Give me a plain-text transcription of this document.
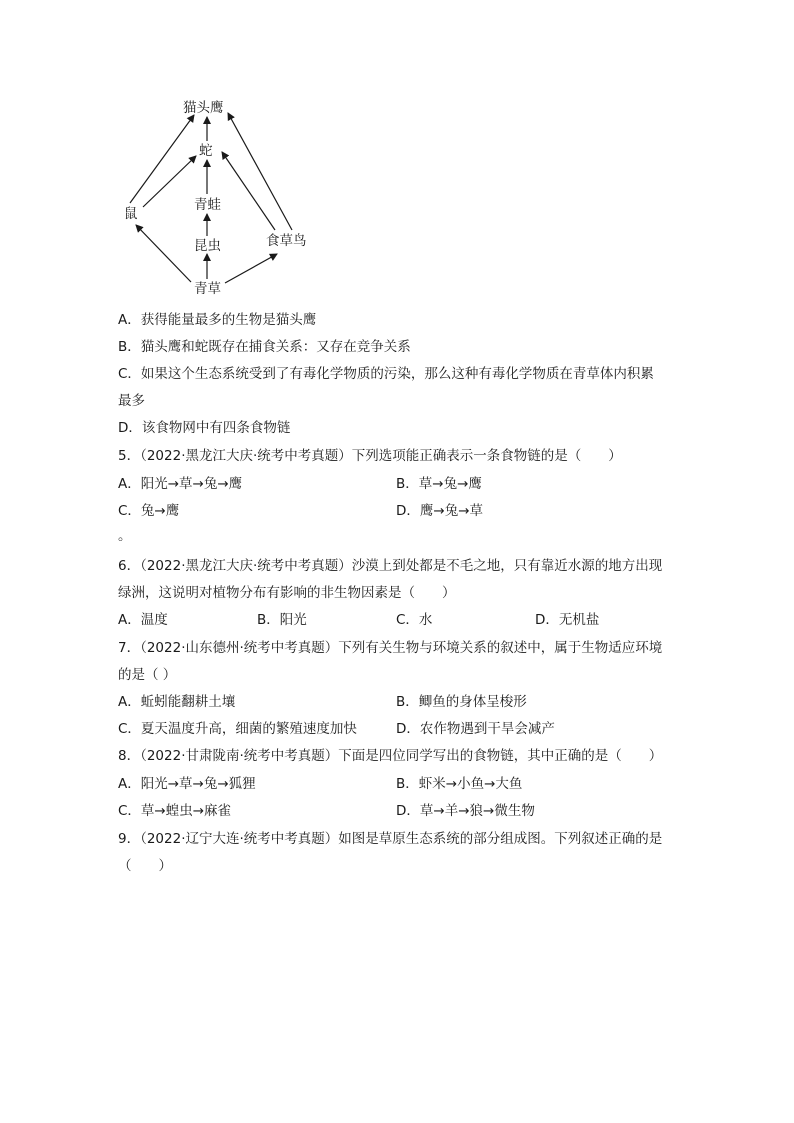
猫头鹰
蛇
青蛙
鼠
昆虫	食草鸟
青草
A．获得能量最多的生物是猫头鹰
B．猫头鹰和蛇既存在捕食关系：又存在竞争关系
C．如果这个生态系统受到了有毒化学物质的污染，那么这种有毒化学物质在青草体内积累
最多
D．该食物网中有四条食物链
5．（2022·黑龙江大庆·统考中考真题）下列选项能正确表示一条食物链的是（　　）
A．阳光→草→兔→鹰	B．草→兔→鹰
C．兔→鹰	D．鹰→兔→草
。
6．（2022·黑龙江大庆·统考中考真题）沙漠上到处都是不毛之地，只有靠近水源的地方出现
绿洲，这说明对植物分布有影响的非生物因素是（　　）
A．温度	B．阳光	C．水	D．无机盐
7．（2022·山东德州·统考中考真题）下列有关生物与环境关系的叙述中，属于生物适应环境
的是（ ）
A．蚯蚓能翻耕土壤	B．鲫鱼的身体呈梭形
C．夏天温度升高，细菌的繁殖速度加快	D．农作物遇到干旱会减产
8．（2022·甘肃陇南·统考中考真题）下面是四位同学写出的食物链，其中正确的是（　　）
A．阳光→草→兔→狐狸	B．虾米→小鱼→大鱼
C．草→蝗虫→麻雀	D．草→羊→狼→微生物
9．（2022·辽宁大连·统考中考真题）如图是草原生态系统的部分组成图。下列叙述正确的是
（　　）
